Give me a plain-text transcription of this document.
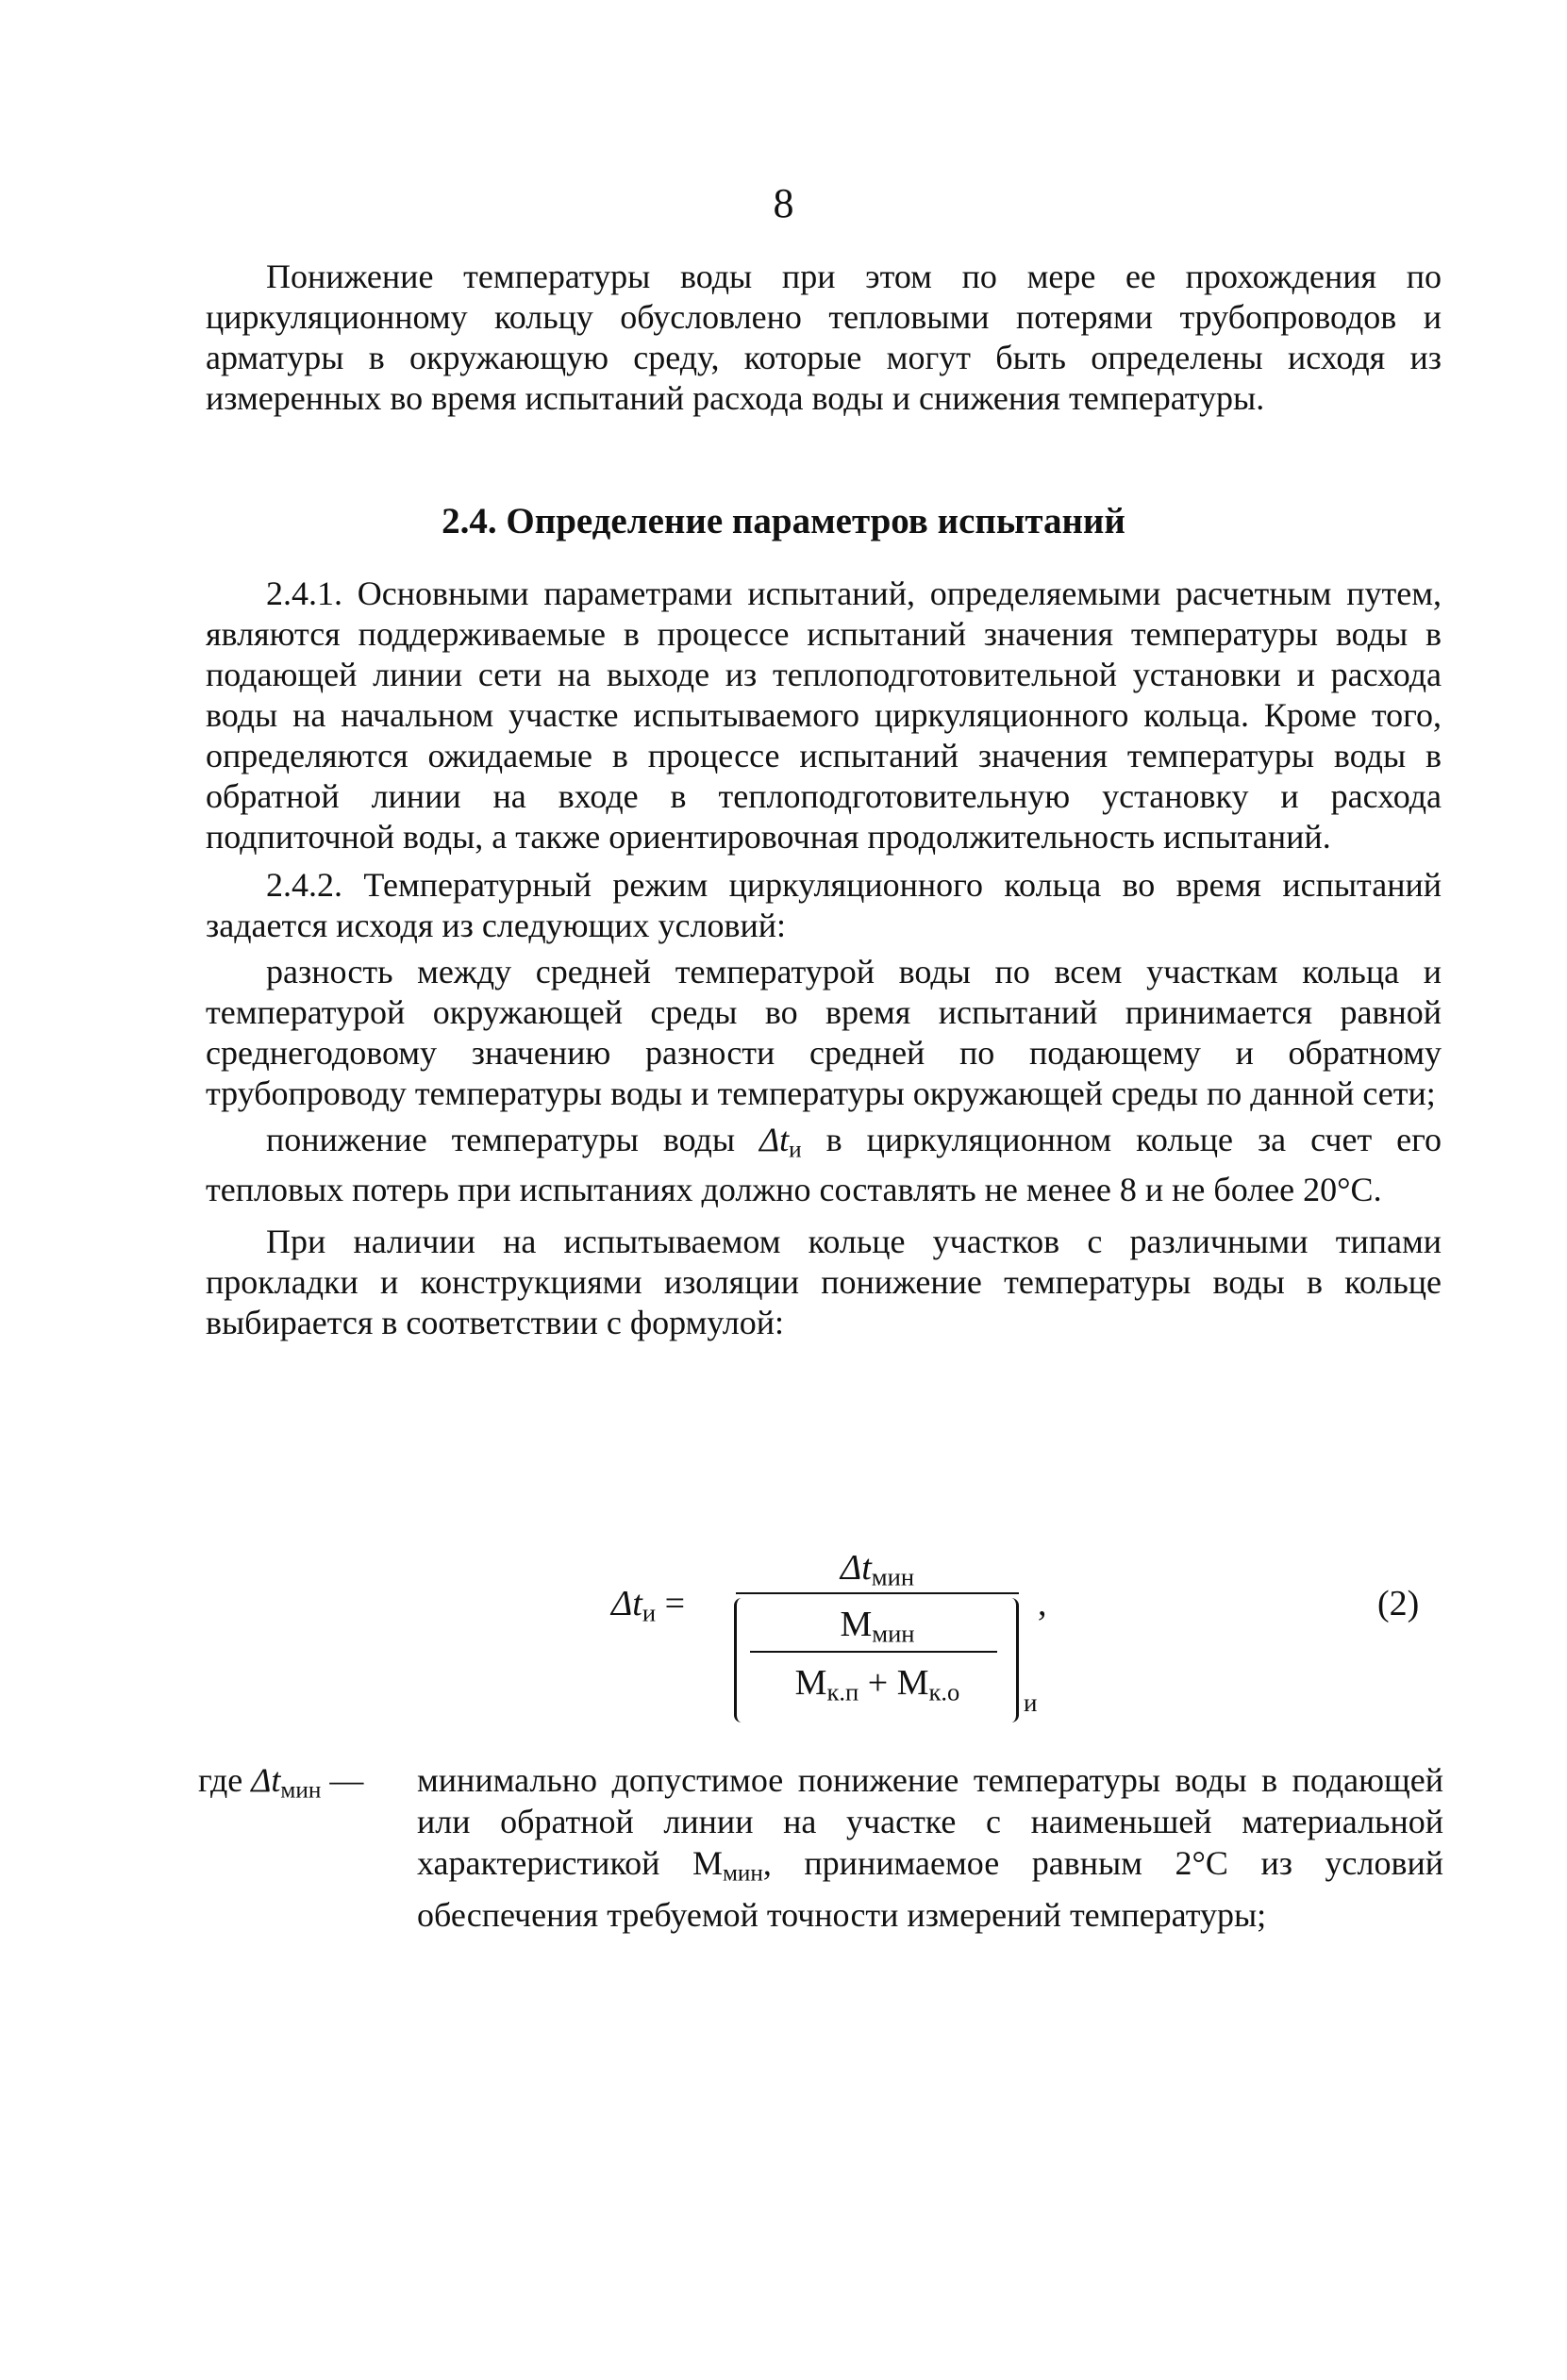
8

Понижение температуры воды при этом по мере ее прохождения по циркуляционному кольцу обусловлено тепловыми потерями трубопроводов и арматуры в окружающую среду, которые могут быть определены исходя из измеренных во время испытаний расхода воды и снижения температуры.

2.4. Определение параметров испытаний

2.4.1. Основными параметрами испытаний, определяемыми расчетным путем, являются поддерживаемые в процессе испытаний значения температуры воды в подающей линии сети на выходе из теплоподготовительной установки и расхода воды на начальном участке испытываемого циркуляционного кольца. Кроме того, определяются ожидаемые в процессе испытаний значения температуры воды в обратной линии на входе в теплоподготовительную установку и расхода подпиточной воды, а также ориентировочная продолжительность испытаний.

2.4.2. Температурный режим циркуляционного кольца во время испытаний задается исходя из следующих условий:

разность между средней температурой воды по всем участкам кольца и температурой окружающей среды во время испытаний принимается равной среднегодовому значению разности средней по подающему и обратному трубопроводу температуры воды и температуры окружающей среды по данной сети;

понижение температуры воды $\Delta t_и$ в циркуляционном кольце за счет его тепловых потерь при испытаниях должно составлять не менее 8 и не более 20°С.

При наличии на испытываемом кольце участков с различными типами прокладки и конструкциями изоляции понижение температуры воды в кольце выбирается в соответствии с формулой:

$\Delta t_и$ =
$\Delta t_{мин}$
$М_{мин}$
$М_{к.п} + М_{к.о}$	и
,	(2)
где $\Delta t_{мин}$ — минимально допустимое понижение температуры воды в подающей или обратной линии на участке с наименьшей материальной характеристикой $М_{мин}$, принимаемое равным 2°С из условий обеспечения требуемой точности измерений температуры;
